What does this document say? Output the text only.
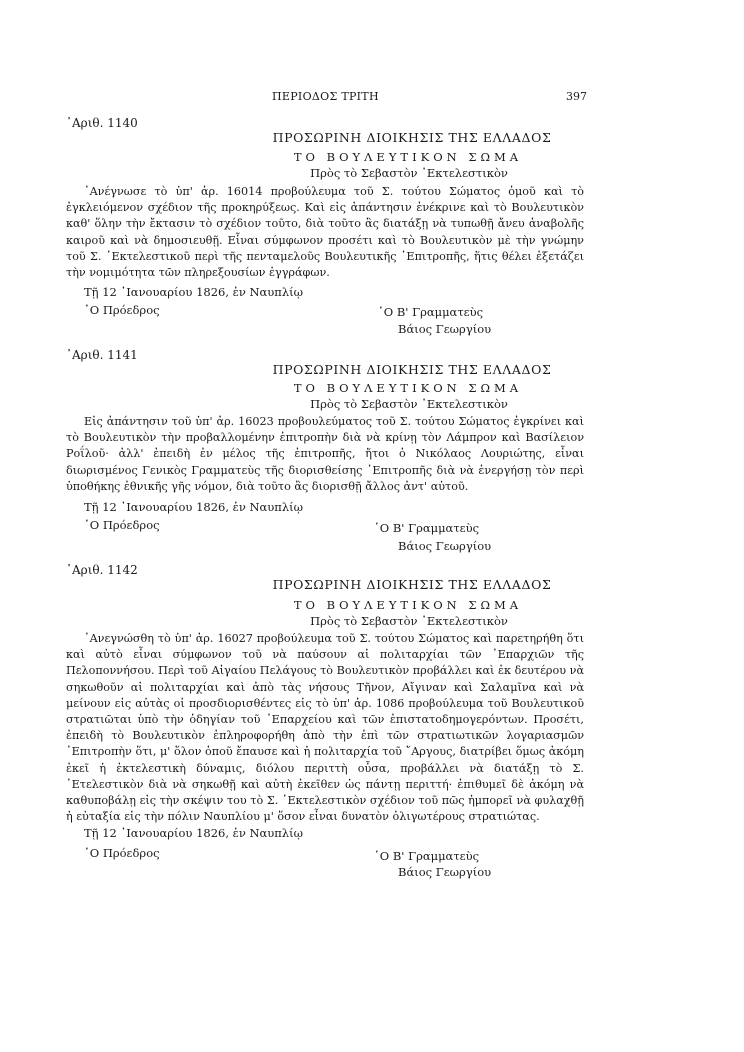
ΠΕΡΙΟΔΟΣ ΤΡΙΤΗ	397
᾿Αριθ. 1140
ΠΡΟΣΩΡΙΝΗ ΔΙΟΙΚΗΣΙΣ ΤΗΣ ΕΛΛΑΔΟΣ
ΤΟ ΒΟΥΛΕΥΤΙΚΟΝ ΣΩΜΑ
Πρὸς τὸ Σεβαστὸν ᾿Εκτελεστικὸν

᾿Ανέγνωσε τὸ ὑπ' ἀρ. 16014 προβούλευμα τοῦ Σ. τούτου Σώματος ὁμοῦ καὶ τὸ ἐγκλειόμενον σχέδιον τῆς προκηρύξεως. Καὶ εἰς ἀπάντησιν ἐνέκρινε καὶ τὸ Βουλευτικὸν καθ' ὅλην τὴν ἔκτασιν τὸ σχέδιον τοῦτο, διὰ τοῦτο ἂς διατάξῃ νὰ τυπωθῇ ἄνευ ἀναβολῆς καιροῦ καὶ νὰ δημοσιευθῇ. Εἶναι σύμφωνον προσέτι καὶ τὸ Βουλευτικὸν μὲ τὴν γνώμην τοῦ Σ. ᾿Εκτελεστικοῦ περὶ τῆς πενταμελοῦς Βουλευτικῆς ᾿Επιτροπῆς, ἥτις θέλει ἐξετάζει τὴν νομιμότητα τῶν πληρεξουσίων ἐγγράφων.

Τῇ 12 ᾿Ιανουαρίου 1826, ἐν Ναυπλίῳ
῾Ο Πρόεδρος	῾Ο Β' Γραμματεὺς
Βάιος Γεωργίου
᾿Αριθ. 1141
ΠΡΟΣΩΡΙΝΗ ΔΙΟΙΚΗΣΙΣ ΤΗΣ ΕΛΛΑΔΟΣ
ΤΟ ΒΟΥΛΕΥΤΙΚΟΝ ΣΩΜΑ
Πρὸς τὸ Σεβαστὸν ᾿Εκτελεστικὸν

Εἰς ἀπάντησιν τοῦ ὑπ' ἀρ. 16023 προβουλεύματος τοῦ Σ. τούτου Σώματος ἐγκρίνει καὶ τὸ Βουλευτικὸν τὴν προβαλλομένην ἐπιτροπὴν διὰ νὰ κρίνῃ τὸν Λάμπρον καὶ Βασίλειον Ροΐλοῦ· ἀλλ' ἐπειδὴ ἐν μέλος τῆς ἐπιτροπῆς, ἤτοι ὁ Νικόλαος Λουριώτης, εἶναι διωρισμένος Γενικὸς Γραμματεὺς τῆς διορισθείσης ᾿Επιτροπῆς διὰ νὰ ἐνεργήσῃ τὸν περὶ ὑποθήκης ἐθνικῆς γῆς νόμον, διὰ τοῦτο ἂς διορισθῇ ἄλλος ἀντ' αὐτοῦ.

Τῇ 12 ᾿Ιανουαρίου 1826, ἐν Ναυπλίῳ
῾Ο Πρόεδρος	῾Ο Β' Γραμματεὺς
Βάιος Γεωργίου
᾿Αριθ. 1142
ΠΡΟΣΩΡΙΝΗ ΔΙΟΙΚΗΣΙΣ ΤΗΣ ΕΛΛΑΔΟΣ
ΤΟ ΒΟΥΛΕΥΤΙΚΟΝ ΣΩΜΑ
Πρὸς τὸ Σεβαστὸν ᾿Εκτελεστικὸν

᾿Ανεγνώσθη τὸ ὑπ' ἀρ. 16027 προβούλευμα τοῦ Σ. τούτου Σώματος καὶ παρετηρήθη ὅτι καὶ αὐτὸ εἶναι σύμφωνον τοῦ νὰ παύσουν αἱ πολιταρχίαι τῶν ᾿Επαρχιῶν τῆς Πελοποννήσου. Περὶ τοῦ Αἰγαίου Πελάγους τὸ Βουλευτικὸν προβάλλει καὶ ἐκ δευτέρου νὰ σηκωθοῦν αἱ πολιταρχίαι καὶ ἀπὸ τὰς νήσους Τῆνον, Αἴγιναν καὶ Σαλαμῖνα καὶ νὰ μείνουν εἰς αὐτὰς οἱ προσδιορισθέντες εἰς τὸ ὑπ' ἀρ. 1086 προβούλευμα τοῦ Βουλευτικοῦ στρατιῶται ὑπὸ τὴν ὁδηγίαν τοῦ ᾿Επαρχείου καὶ τῶν ἐπιστατοδημογερόντων. Προσέτι, ἐπειδὴ τὸ Βουλευτικὸν ἐπληροφορήθη ἀπὸ τὴν ἐπὶ τῶν στρατιωτικῶν λογαριασμῶν ᾿Επιτροπὴν ὅτι, μ' ὅλον ὁποῦ ἔπαυσε καὶ ἡ πολιταρχία τοῦ ῎Αργους, διατρίβει ὅμως ἀκόμη ἐκεῖ ἡ ἐκτελεστικὴ δύναμις, διόλου περιττὴ οὖσα, προβάλλει νὰ διατάξῃ τὸ Σ. ᾿Ετελεστικὸν διὰ νὰ σηκωθῇ καὶ αὐτὴ ἐκεῖθεν ὡς πάντῃ περιττή· ἐπιθυμεῖ δὲ ἀκόμη νὰ καθυποβάλῃ εἰς τὴν σκέψιν του τὸ Σ. ᾿Εκτελεστικὸν σχέδιον τοῦ πῶς ἠμπορεῖ νὰ φυλαχθῇ ἡ εὐταξία εἰς τὴν πόλιν Ναυπλίου μ' ὅσον εἶναι δυνατὸν ὀλιγωτέρους στρατιώτας.

Τῇ 12 ᾿Ιανουαρίου 1826, ἐν Ναυπλίῳ
῾Ο Πρόεδρος	῾Ο Β' Γραμματεὺς
Βάιος Γεωργίου
